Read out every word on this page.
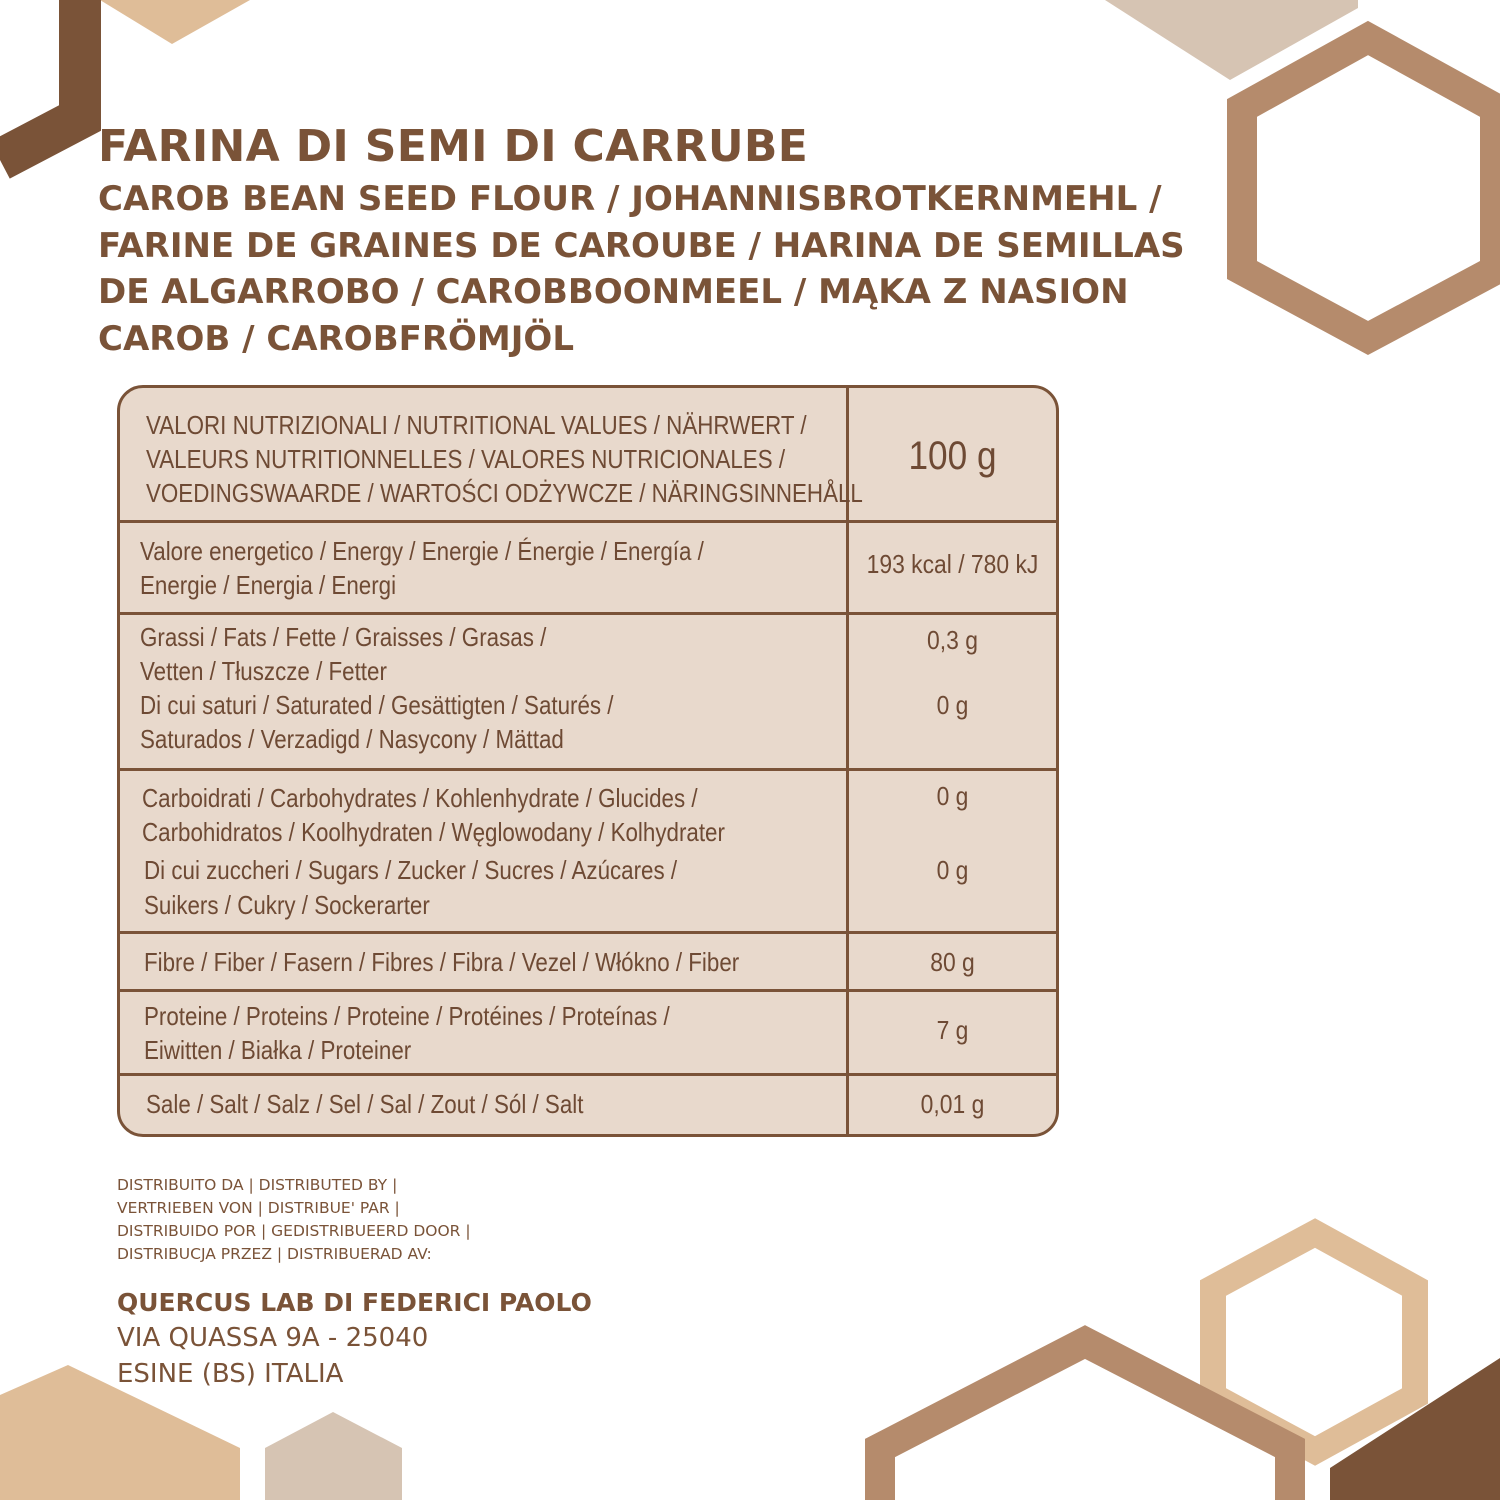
FARINA DI SEMI DI CARRUBE

CAROB BEAN SEED FLOUR / JOHANNISBROTKERNMEHL /

FARINE DE GRAINES DE CAROUBE / HARINA DE SEMILLAS

DE ALGARROBO / CAROBBOONMEEL / MĄKA Z NASION

CAROB / CAROBFRÖMJÖL

VALORI NUTRIZIONALI / NUTRITIONAL VALUES / NÄHRWERT /
VALEURS NUTRITIONNELLES / VALORES NUTRICIONALES /
VOEDINGSWAARDE / WARTOŚCI ODŻYWCZE / NÄRINGSINNEHÅLL
100 g
Valore energetico / Energy / Energie / Énergie / Energía /
Energie / Energia / Energi
193 kcal / 780 kJ
Grassi / Fats / Fette / Graisses / Grasas /
Vetten / Tłuszcze / Fetter
Di cui saturi / Saturated / Gesättigten / Saturés /
Saturados / Verzadigd / Nasycony / Mättad
0,3 g
0 g
Carboidrati / Carbohydrates / Kohlenhydrate / Glucides /
Carbohidratos / Koolhydraten / Węglowodany / Kolhydrater
Di cui zuccheri / Sugars / Zucker / Sucres / Azúcares /
Suikers / Cukry / Sockerarter
0 g
0 g
Fibre / Fiber / Fasern / Fibres / Fibra / Vezel / Włókno / Fiber	80 g
Proteine / Proteins / Proteine / Protéines / Proteínas /
Eiwitten / Białka / Proteiner
7 g
Sale / Salt / Salz / Sel / Sal / Zout / Sól / Salt	0,01 g

DISTRIBUITO DA | DISTRIBUTED BY |

VERTRIEBEN VON | DISTRIBUE' PAR |

DISTRIBUIDO POR | GEDISTRIBUEERD DOOR |

DISTRIBUCJA PRZEZ | DISTRIBUERAD AV:

QUERCUS LAB DI FEDERICI PAOLO

VIA QUASSA 9A - 25040

ESINE (BS) ITALIA
